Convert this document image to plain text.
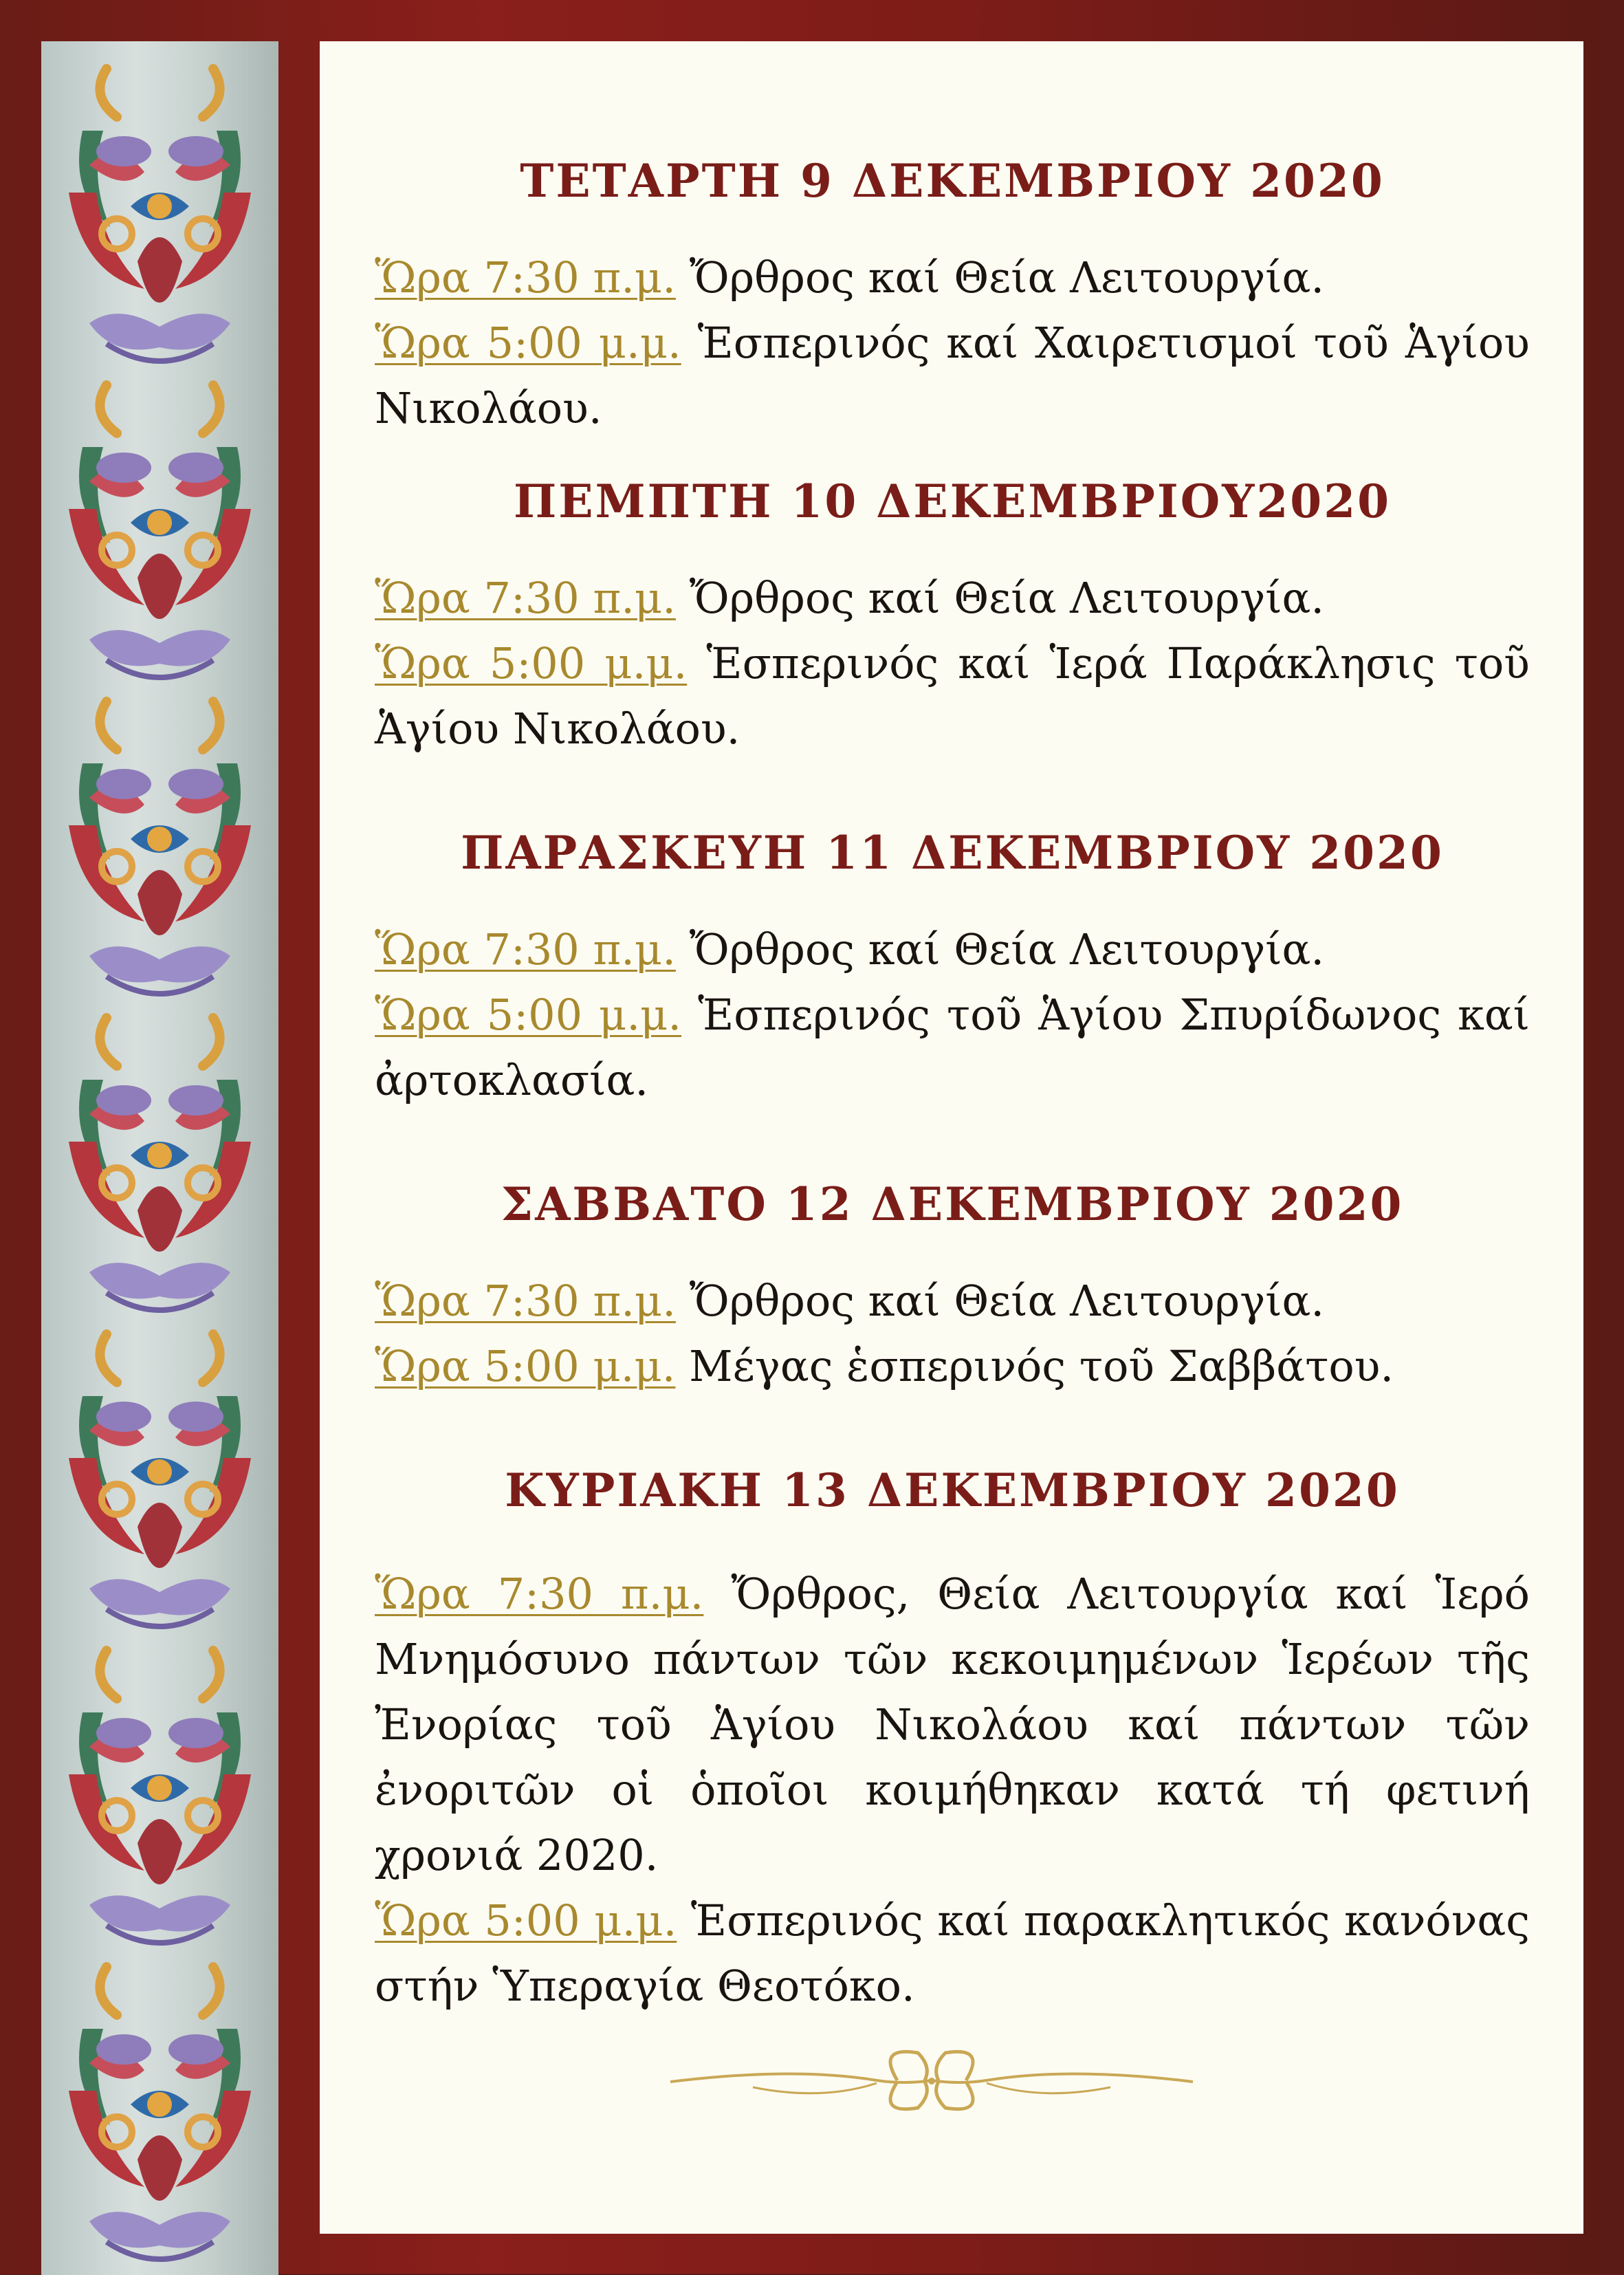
ΤΕΤΑΡΤΗ 9 ΔΕΚΕΜΒΡΙΟΥ 2020

Ὥρα 7:30 π.μ. Ὄρθρος καί Θεία Λειτουργία.

Ὥρα 5:00 μ.μ. Ἑσπερινός καί Χαιρετισμοί τοῦ Ἁγίου Νικολάου.

ΠΕΜΠΤΗ 10 ΔΕΚΕΜΒΡΙΟΥ2020

Ὥρα 7:30 π.μ. Ὄρθρος καί Θεία Λειτουργία.

Ὥρα 5:00 μ.μ. Ἑσπερινός καί Ἱερά Παράκλησις τοῦ Ἁγίου Νικολάου.

ΠΑΡΑΣΚΕΥΗ 11 ΔΕΚΕΜΒΡΙΟΥ 2020

Ὥρα 7:30 π.μ. Ὄρθρος καί Θεία Λειτουργία.

Ὥρα 5:00 μ.μ. Ἑσπερινός τοῦ Ἁγίου Σπυρίδωνος καί ἀρτοκλασία.

ΣΑΒΒΑΤΟ 12 ΔΕΚΕΜΒΡΙΟΥ 2020

Ὥρα 7:30 π.μ. Ὄρθρος καί Θεία Λειτουργία.

Ὥρα 5:00 μ.μ. Μέγας ἑσπερινός τοῦ Σαββάτου.

ΚΥΡΙΑΚΗ 13 ΔΕΚΕΜΒΡΙΟΥ 2020

Ὥρα 7:30 π.μ. Ὄρθρος, Θεία Λειτουργία καί Ἱερό Μνημόσυνο πάντων τῶν κεκοιμημένων Ἱερέων τῆς Ἐνορίας τοῦ Ἁγίου Νικολάου καί πάντων τῶν ἐνοριτῶν οἱ ὁποῖοι κοιμήθηκαν κατά τή φετινή χρονιά 2020.

Ὥρα 5:00 μ.μ. Ἑσπερινός καί παρακλητικός κανόνας στήν Ὑπεραγία Θεοτόκο.
